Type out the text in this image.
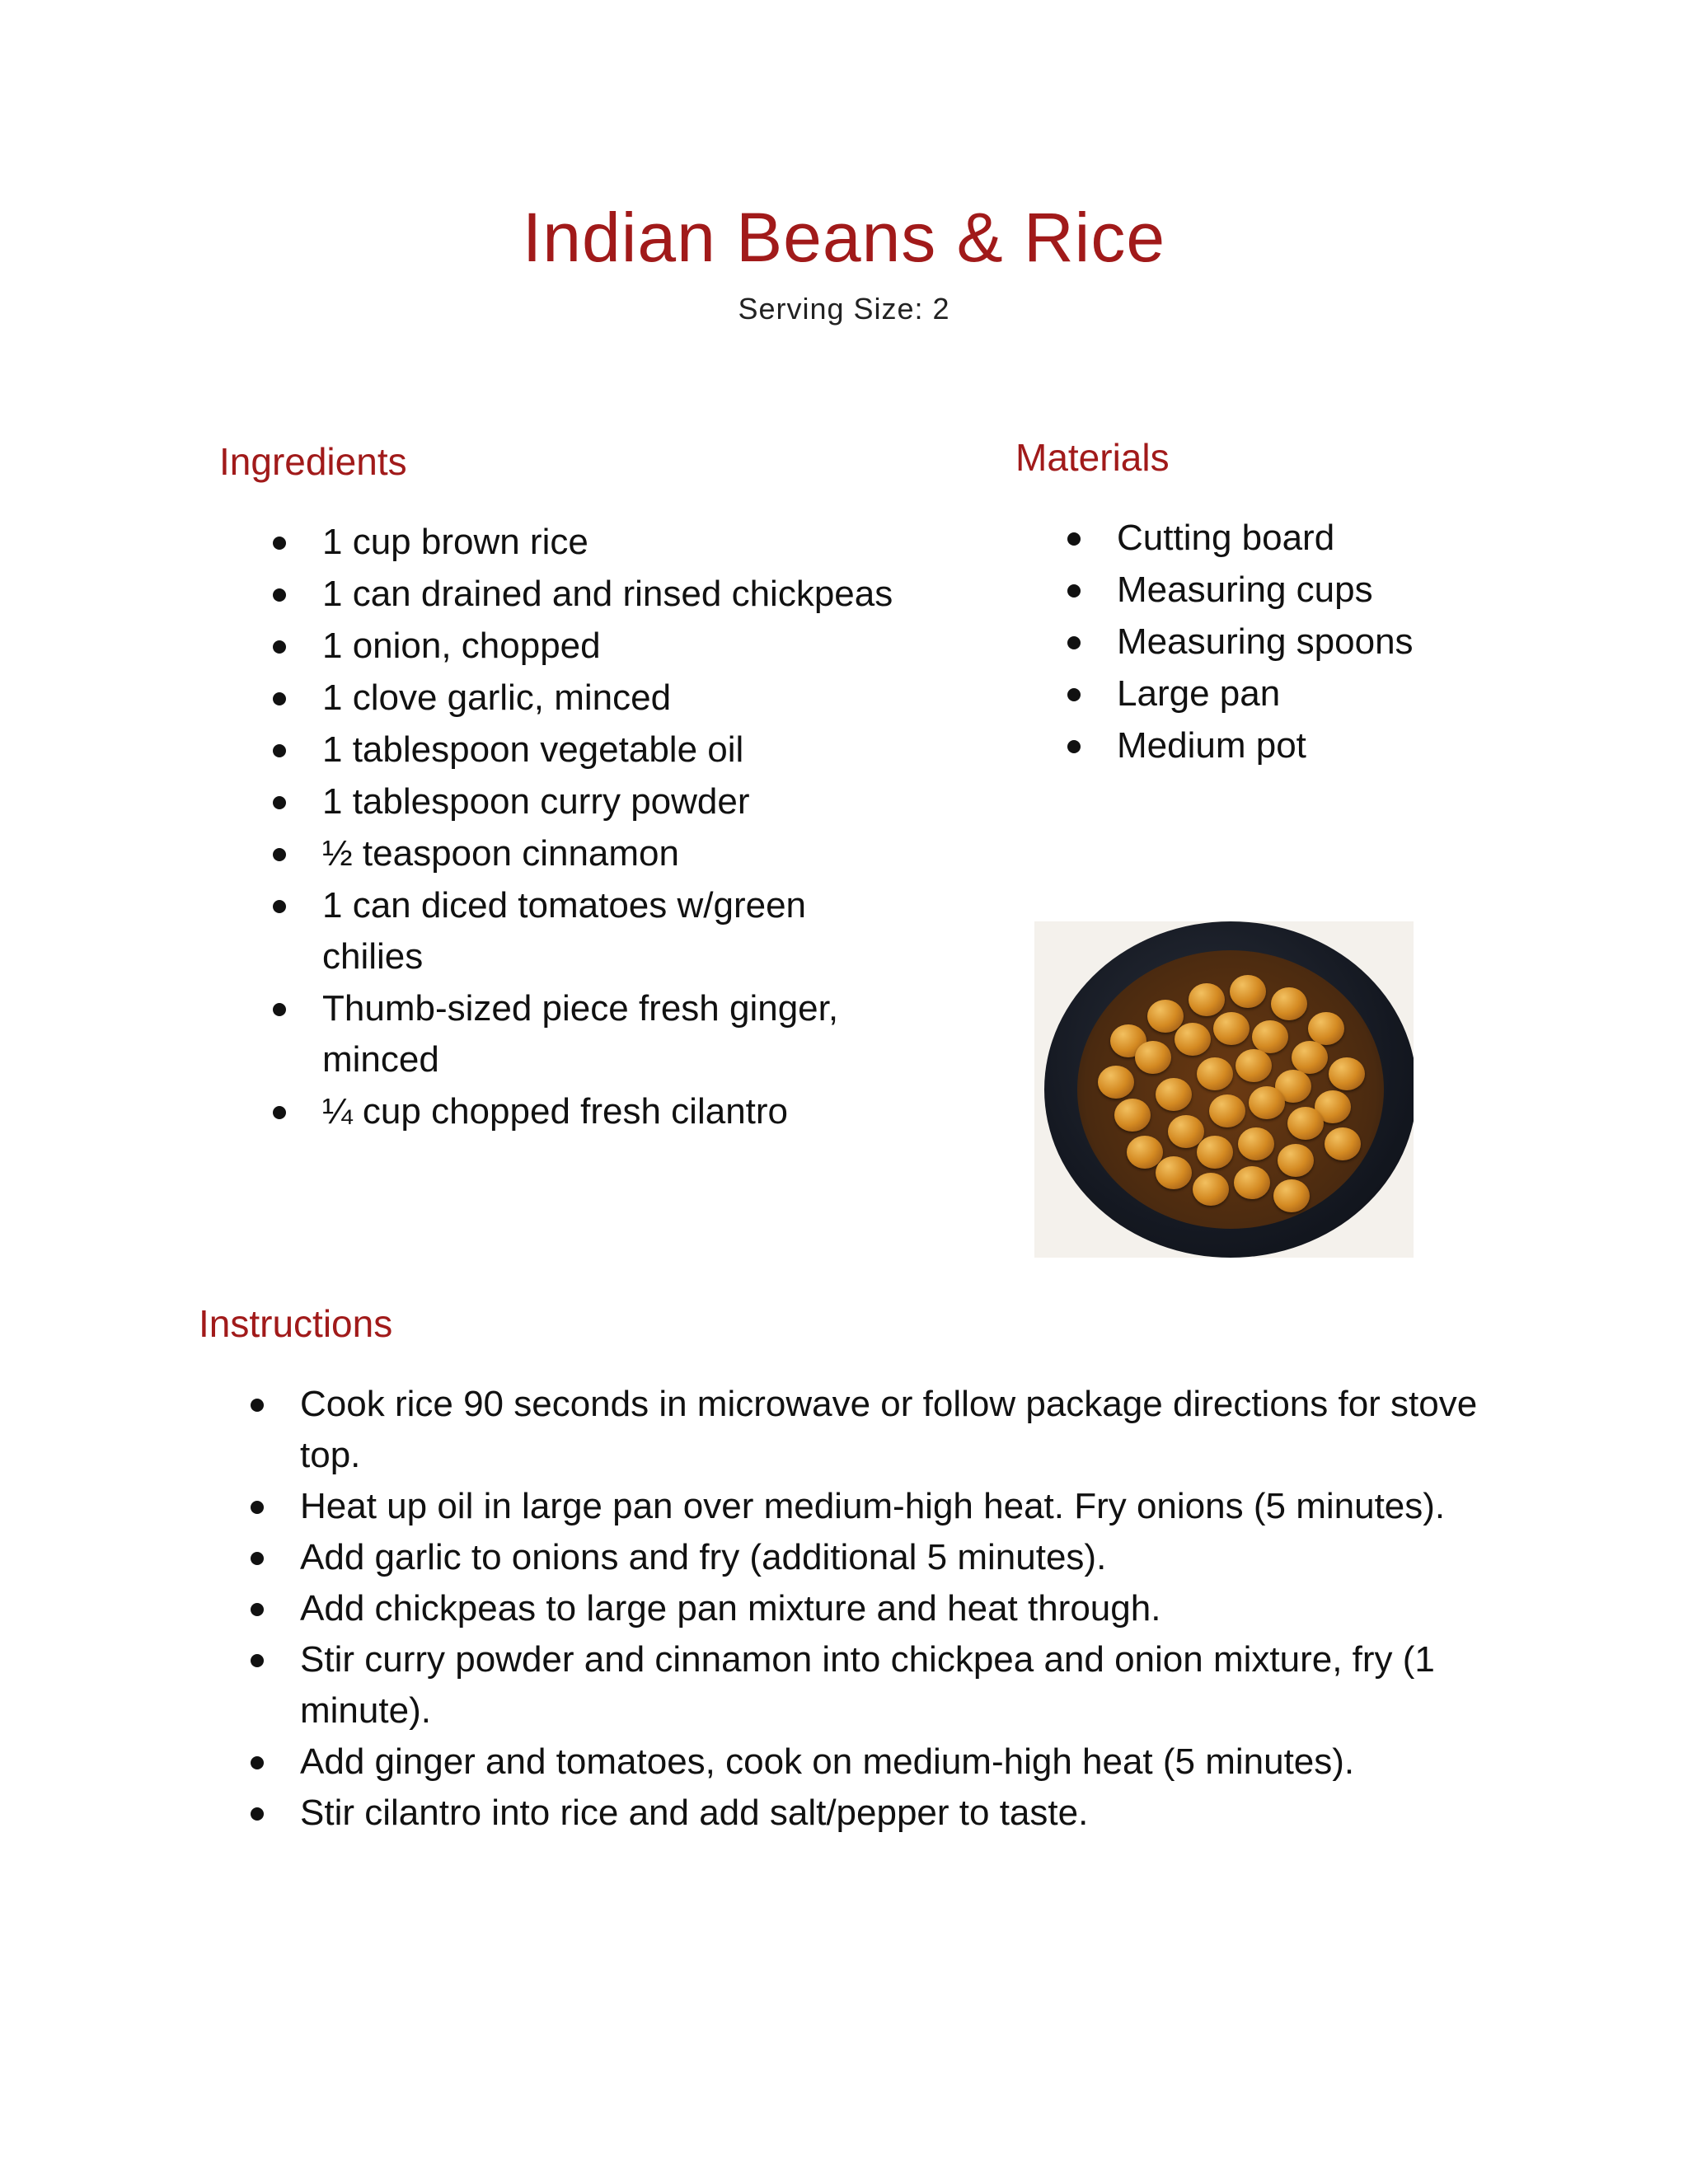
Indian Beans & Rice
Serving Size: 2
Ingredients
1 cup brown rice
1 can drained and rinsed chickpeas
1 onion, chopped
1 clove garlic, minced
1 tablespoon vegetable oil
1 tablespoon curry powder
½ teaspoon cinnamon
1 can diced tomatoes w/green chilies
Thumb-sized piece fresh ginger, minced
¼ cup chopped fresh cilantro
Materials
Cutting board
Measuring cups
Measuring spoons
Large pan
Medium pot
Instructions
Cook rice 90 seconds in microwave or follow package directions for stove top.
Heat up oil in large pan over medium-high heat. Fry onions (5 minutes).
Add garlic to onions and fry (additional 5 minutes).
Add chickpeas to large pan mixture and heat through.
Stir curry powder and cinnamon into chickpea and onion mixture, fry (1 minute).
Add ginger and tomatoes, cook on medium-high heat (5 minutes).
Stir cilantro into rice and add salt/pepper to taste.
